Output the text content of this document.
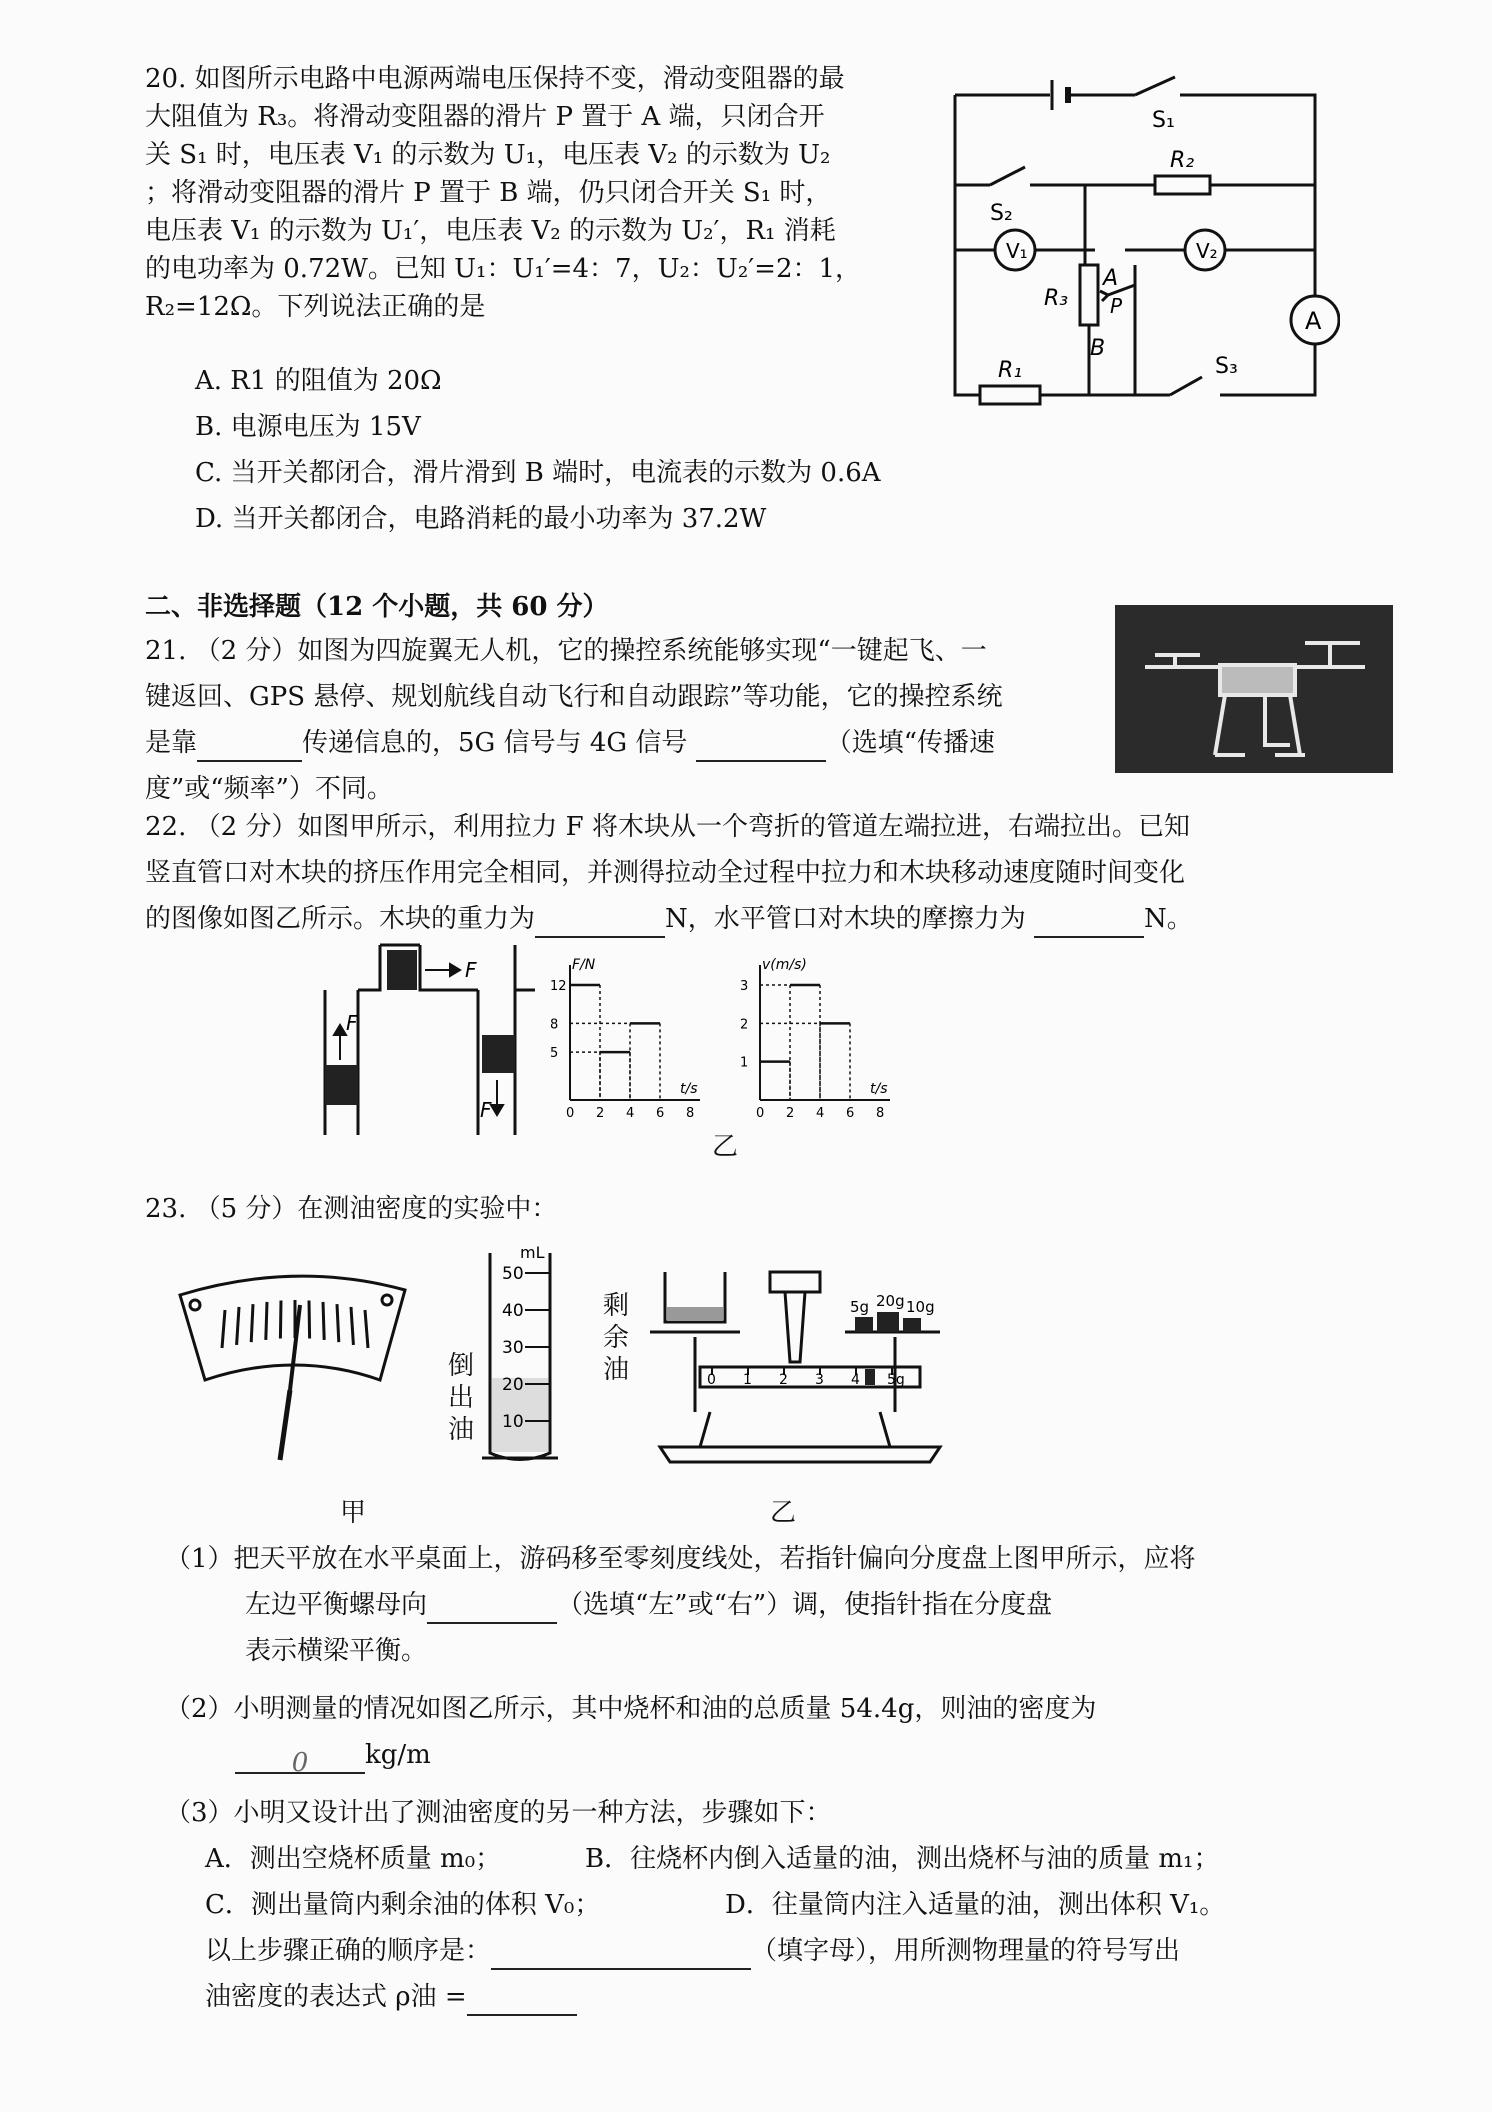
20. 如图所示电路中电源两端电压保持不变，滑动变阻器的最
大阻值为 R₃。将滑动变阻器的滑片 P 置于 A 端，只闭合开
关 S₁ 时，电压表 V₁ 的示数为 U₁，电压表 V₂ 的示数为 U₂
；将滑动变阻器的滑片 P 置于 B 端，仍只闭合开关 S₁ 时，
电压表 V₁ 的示数为 U₁′，电压表 V₂ 的示数为 U₂′，R₁ 消耗
的电功率为 0.72W。已知 U₁：U₁′=4：7，U₂：U₂′=2：1，
R₂=12Ω。下列说法正确的是
A. R1 的阻值为 20Ω
B. 电源电压为 15V
C. 当开关都闭合，滑片滑到 B 端时，电流表的示数为 0.6A
D. 当开关都闭合，电路消耗的最小功率为 37.2W
S₁
S₂
R₂
V₁	V₂
R₃
A
B
P
R₁	S₃
A
二、非选择题（12 个小题，共 60 分）
21. （2 分）如图为四旋翼无人机，它的操控系统能够实现“一键起飞、一
键返回、GPS 悬停、规划航线自动飞行和自动跟踪”等功能，它的操控系统
是靠	传递信息的，5G 信号与 4G 信号	（选填“传播速
度”或“频率”）不同。
22. （2 分）如图甲所示，利用拉力 F 将木块从一个弯折的管道左端拉进，右端拉出。已知
竖直管口对木块的挤压作用完全相同，并测得拉动全过程中拉力和木块移动速度随时间变化
的图像如图乙所示。木块的重力为	N，水平管口对木块的摩擦力为	N。
F
F
F
12
8
5
0 2 4 6 8
F/N
t/s
3
2
1
0 2 4 6 8
v(m/s)
t/s
乙
23. （5 分）在测油密度的实验中：
甲
mL
50
40
30
20
10
倒
出
油
剩
余
油
5g 20g 10g
0 1 2 3 4 5g
乙
（1）把天平放在水平桌面上，游码移至零刻度线处，若指针偏向分度盘上图甲所示，应将
左边平衡螺母向	（选填“左”或“右”）调，使指针指在分度盘
表示横梁平衡。
（2）小明测量的情况如图乙所示，其中烧杯和油的总质量 54.4g，则油的密度为
0 kg/m
（3）小明又设计出了测油密度的另一种方法，步骤如下：
A．测出空烧杯质量 m₀；	B．往烧杯内倒入适量的油，测出烧杯与油的质量 m₁；
C．测出量筒内剩余油的体积 V₀；	D．往量筒内注入适量的油，测出体积 V₁。
以上步骤正确的顺序是：	（填字母），用所测物理量的符号写出
油密度的表达式 ρ油 =
